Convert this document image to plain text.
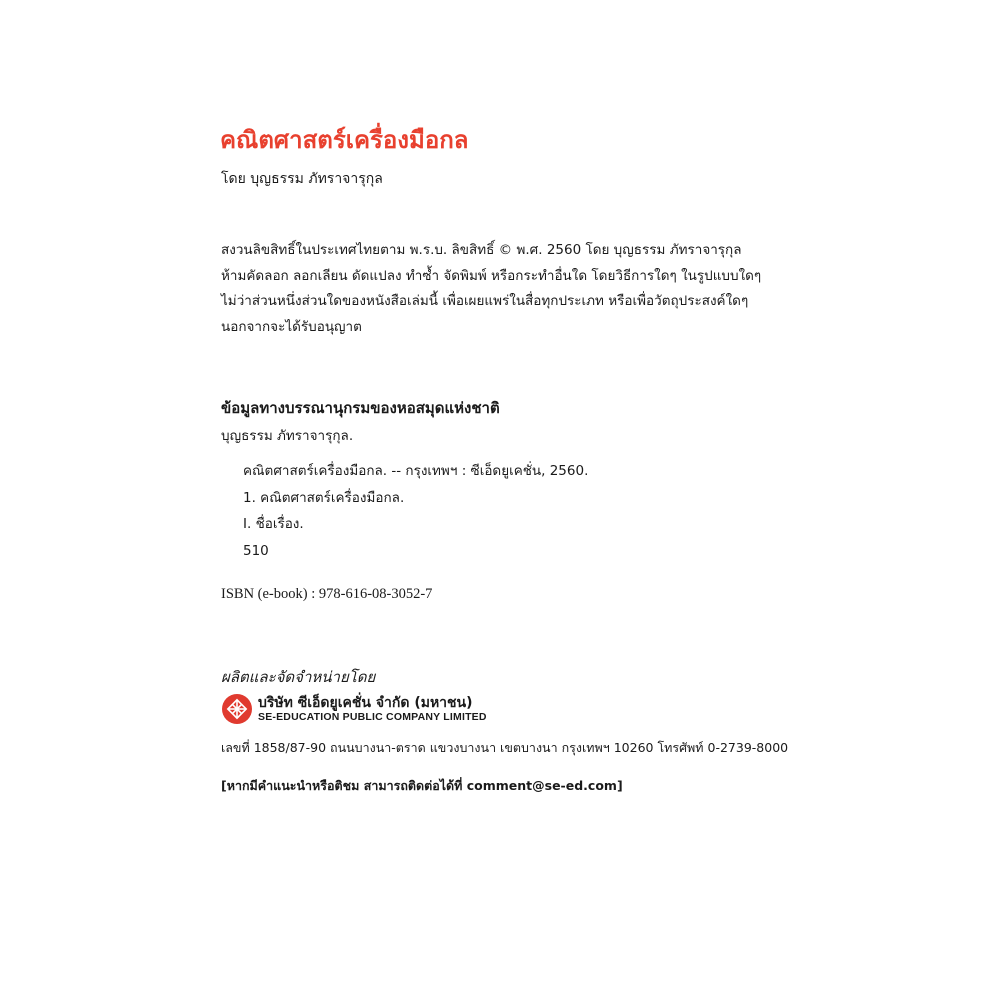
คณิตศาสตร์เครื่องมือกล
โดย บุญธรรม ภัทราจารุกุล
สงวนลิขสิทธิ์ในประเทศไทยตาม พ.ร.บ. ลิขสิทธิ์ © พ.ศ. 2560 โดย บุญธรรม ภัทราจารุกุล
ห้ามคัดลอก ลอกเลียน ดัดแปลง ทำซ้ำ จัดพิมพ์ หรือกระทำอื่นใด โดยวิธีการใดๆ ในรูปแบบใดๆ
ไม่ว่าส่วนหนึ่งส่วนใดของหนังสือเล่มนี้ เพื่อเผยแพร่ในสื่อทุกประเภท หรือเพื่อวัตถุประสงค์ใดๆ
นอกจากจะได้รับอนุญาต
ข้อมูลทางบรรณานุกรมของหอสมุดแห่งชาติ
บุญธรรม ภัทราจารุกุล.
คณิตศาสตร์เครื่องมือกล. -- กรุงเทพฯ : ซีเอ็ดยูเคชั่น, 2560.
1. คณิตศาสตร์เครื่องมือกล.
I. ชื่อเรื่อง.
510
ISBN (e-book) : 978-616-08-3052-7
ผลิตและจัดจำหน่ายโดย
บริษัท ซีเอ็ดยูเคชั่น จำกัด (มหาชน)
SE-EDUCATION PUBLIC COMPANY LIMITED
เลขที่ 1858/87-90 ถนนบางนา-ตราด แขวงบางนา เขตบางนา กรุงเทพฯ 10260 โทรศัพท์ 0-2739-8000
[หากมีคำแนะนำหรือติชม สามารถติดต่อได้ที่ comment@se-ed.com]
